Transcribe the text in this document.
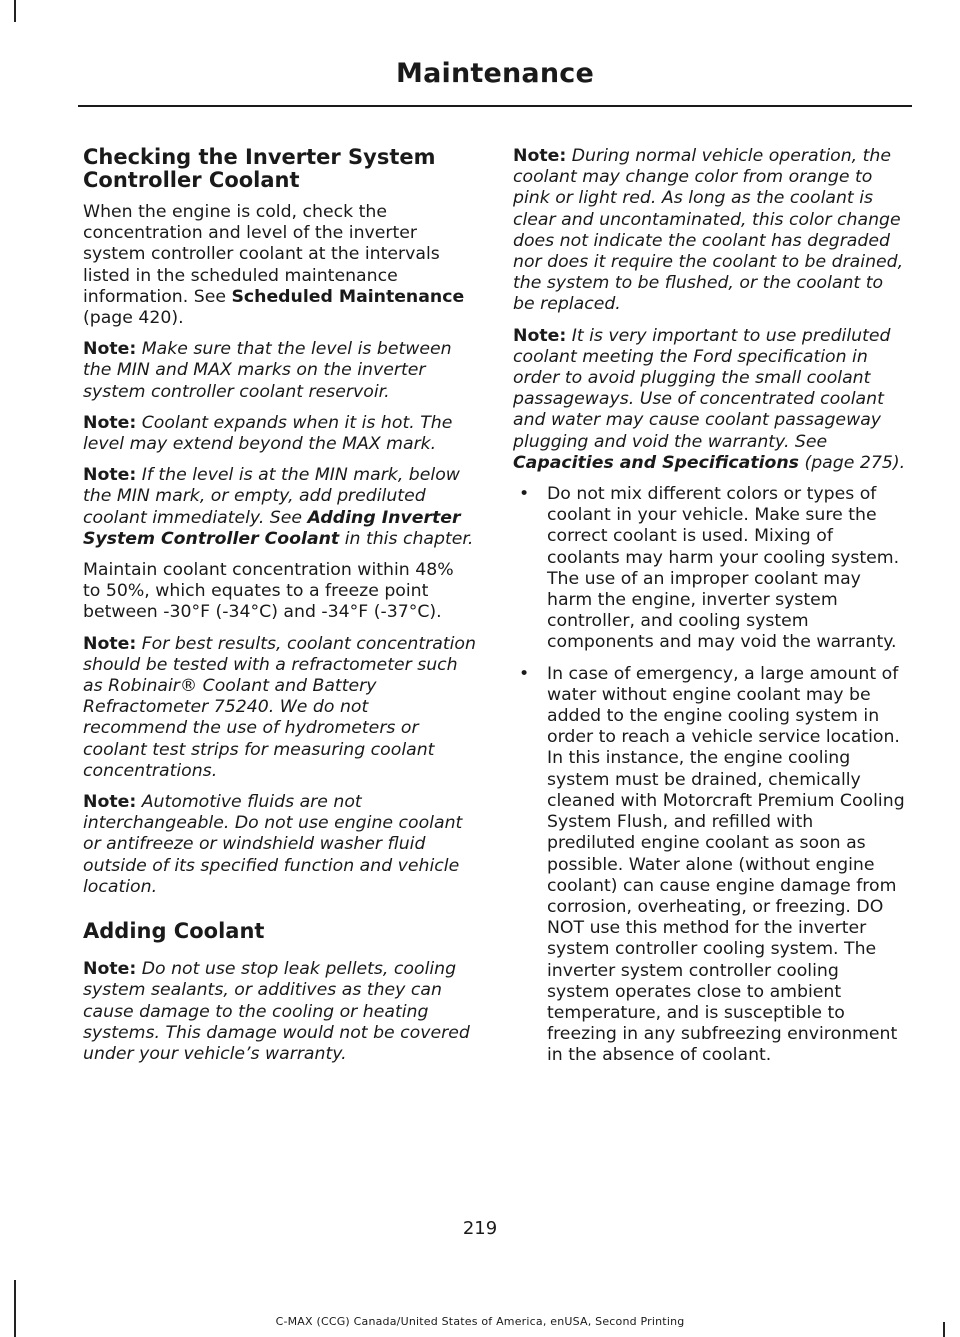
Maintenance
Checking the Inverter System Controller Coolant

When the engine is cold, check the concentration and level of the inverter system controller coolant at the intervals listed in the scheduled maintenance information. See Scheduled Maintenance (page 420).

Note: Make sure that the level is between the MIN and MAX marks on the inverter system controller coolant reservoir.

Note: Coolant expands when it is hot. The level may extend beyond the MAX mark.

Note: If the level is at the MIN mark, below the MIN mark, or empty, add prediluted coolant immediately. See Adding Inverter System Controller Coolant in this chapter.

Maintain coolant concentration within 48% to 50%, which equates to a freeze point between -30°F (-34°C) and -34°F (-37°C).

Note: For best results, coolant concentration should be tested with a refractometer such as Robinair® Coolant and Battery Refractometer 75240. We do not recommend the use of hydrometers or coolant test strips for measuring coolant concentrations.

Note: Automotive fluids are not interchangeable. Do not use engine coolant or antifreeze or windshield washer fluid outside of its specified function and vehicle location.

Adding Coolant

Note: Do not use stop leak pellets, cooling system sealants, or additives as they can cause damage to the cooling or heating systems. This damage would not be covered under your vehicle’s warranty.

Note: During normal vehicle operation, the coolant may change color from orange to pink or light red. As long as the coolant is clear and uncontaminated, this color change does not indicate the coolant has degraded nor does it require the coolant to be drained, the system to be flushed, or the coolant to be replaced.

Note: It is very important to use prediluted coolant meeting the Ford specification in order to avoid plugging the small coolant passageways. Use of concentrated coolant and water may cause coolant passageway plugging and void the warranty. See Capacities and Specifications (page 275).

• Do not mix different colors or types of coolant in your vehicle. Make sure the correct coolant is used. Mixing of coolants may harm your cooling system. The use of an improper coolant may harm the engine, inverter system controller, and cooling system components and may void the warranty.
• In case of emergency, a large amount of water without engine coolant may be added to the engine cooling system in order to reach a vehicle service location. In this instance, the engine cooling system must be drained, chemically cleaned with Motorcraft Premium Cooling System Flush, and refilled with prediluted engine coolant as soon as possible. Water alone (without engine coolant) can cause engine damage from corrosion, overheating, or freezing. DO NOT use this method for the inverter system controller cooling system. The inverter system controller cooling system operates close to ambient temperature, and is susceptible to freezing in any subfreezing environment in the absence of coolant.
219
C-MAX (CCG) Canada/United States of America, enUSA, Second Printing
